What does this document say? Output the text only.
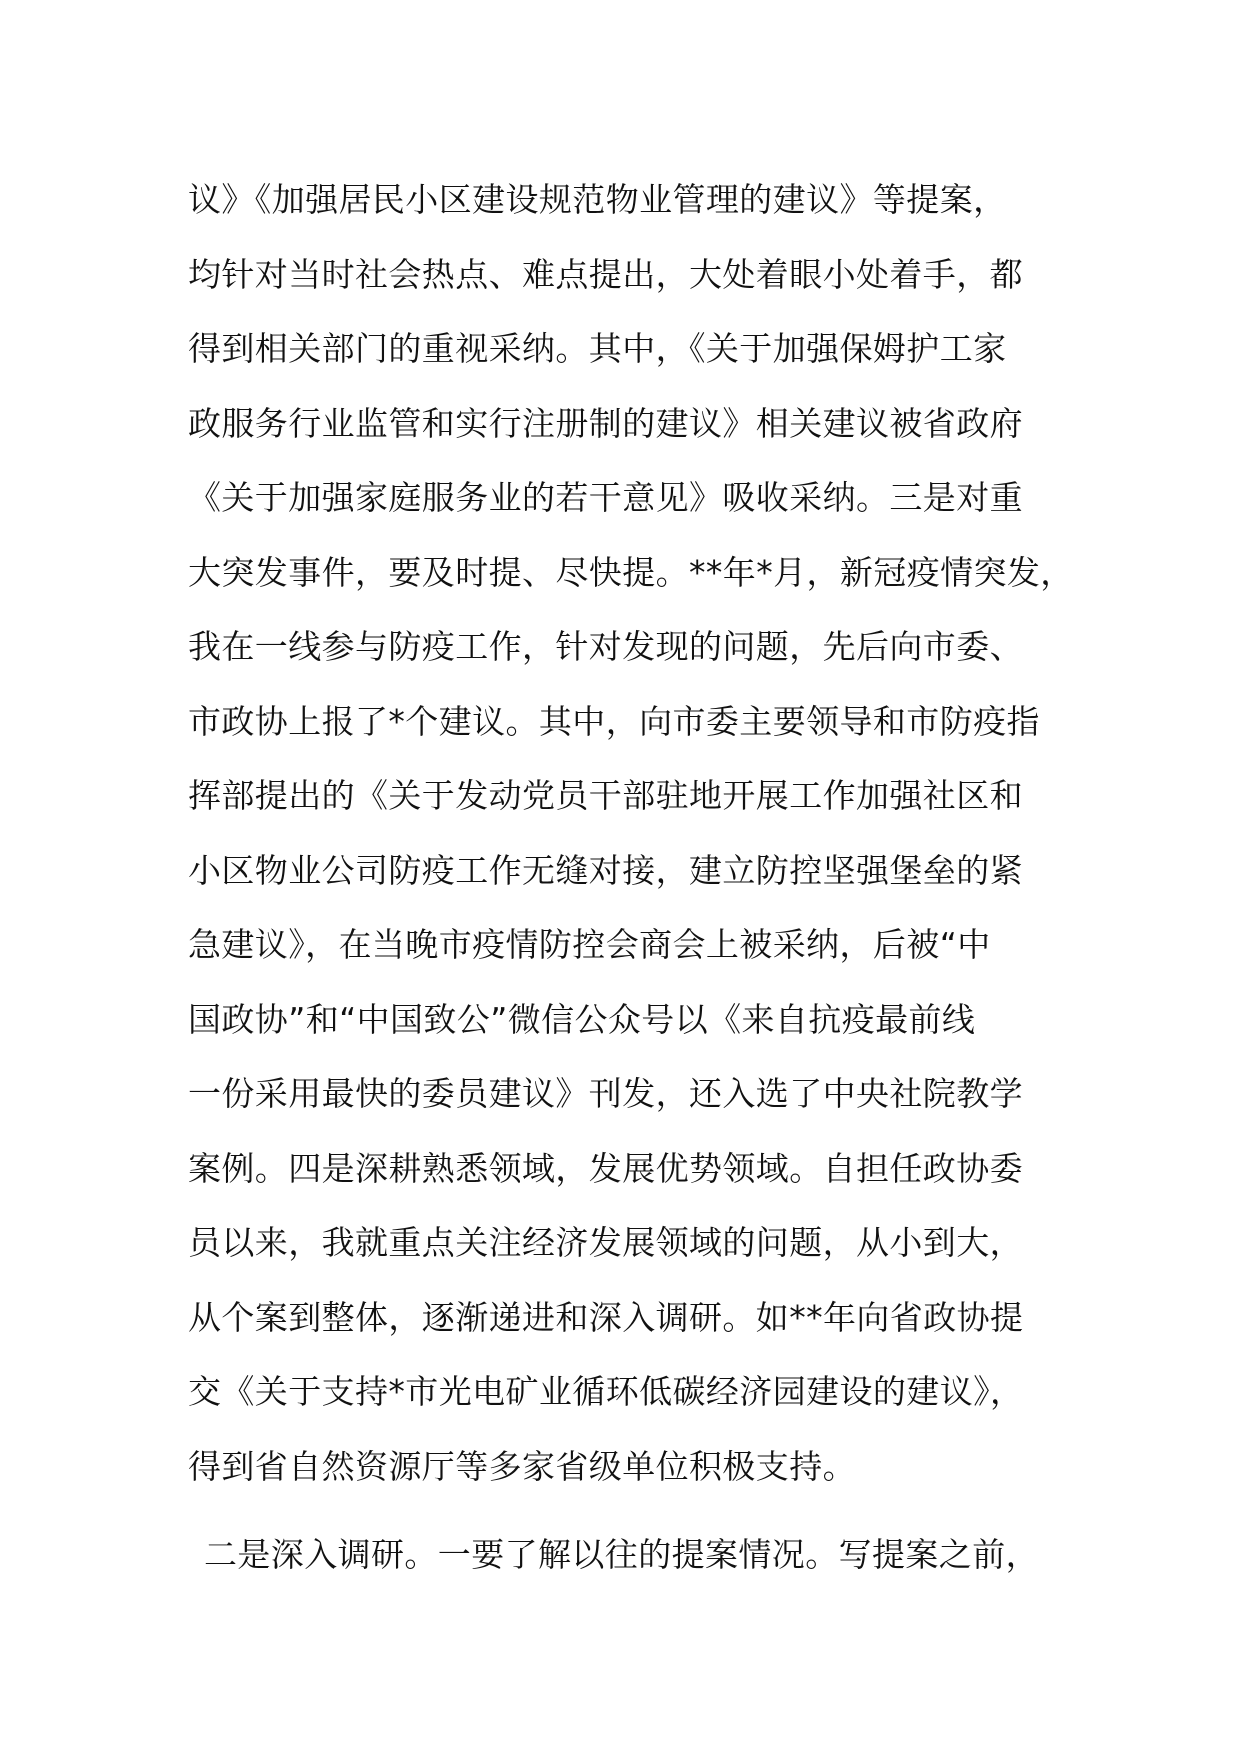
议》《加强居民小区建设规范物业管理的建议》等提案，
均针对当时社会热点、难点提出，大处着眼小处着手，都
得到相关部门的重视采纳。其中，《关于加强保姆护工家
政服务行业监管和实行注册制的建议》相关建议被省政府
《关于加强家庭服务业的若干意见》吸收采纳。三是对重
大突发事件，要及时提、尽快提。**年*月，新冠疫情突发，
我在一线参与防疫工作，针对发现的问题，先后向市委、
市政协上报了*个建议。其中，向市委主要领导和市防疫指
挥部提出的《关于发动党员干部驻地开展工作加强社区和
小区物业公司防疫工作无缝对接，建立防控坚强堡垒的紧
急建议》，在当晚市疫情防控会商会上被采纳，后被“中
国政协”和“中国致公”微信公众号以《来自抗疫最前线
一份采用最快的委员建议》刊发，还入选了中央社院教学
案例。四是深耕熟悉领域，发展优势领域。自担任政协委
员以来，我就重点关注经济发展领域的问题，从小到大，
从个案到整体，逐渐递进和深入调研。如**年向省政协提
交《关于支持*市光电矿业循环低碳经济园建设的建议》，
得到省自然资源厅等多家省级单位积极支持。
二是深入调研。一要了解以往的提案情况。写提案之前，
